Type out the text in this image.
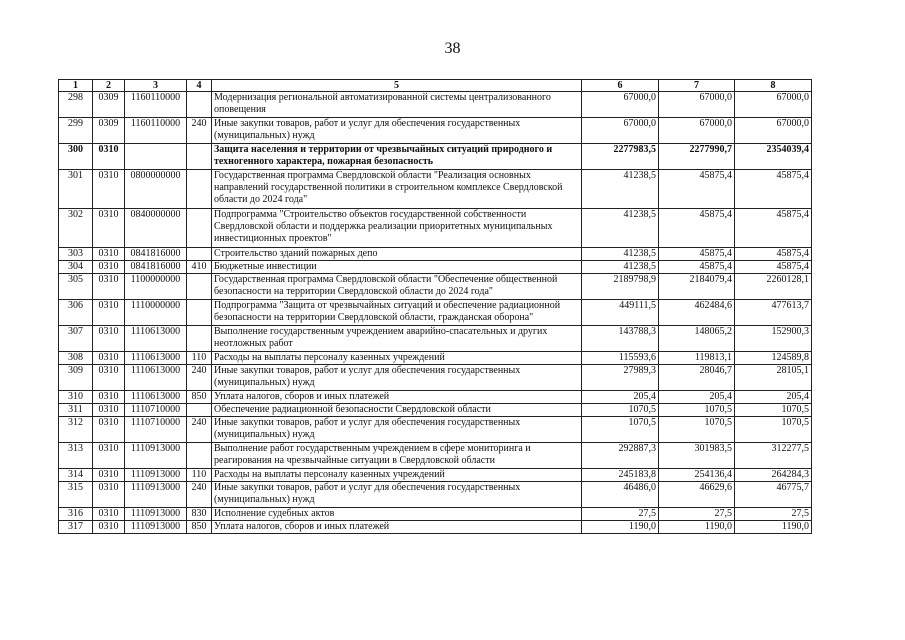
38
1	2	3	4	5	6	7	8
298	0309	1160110000		Модернизация региональной автоматизированной системы централизованного оповещения	67000,0	67000,0	67000,0
299	0309	1160110000	240	Иные закупки товаров, работ и услуг для обеспечения государственных (муниципальных) нужд	67000,0	67000,0	67000,0
300	0310			Защита населения и территории от чрезвычайных ситуаций природного и техногенного характера, пожарная безопасность	2277983,5	2277990,7	2354039,4
301	0310	0800000000		Государственная программа Свердловской области "Реализация основных направлений государственной политики в строительном комплексе Свердловской области до 2024 года"	41238,5	45875,4	45875,4
302	0310	0840000000		Подпрограмма "Строительство объектов государственной собственности Свердловской области и поддержка реализации приоритетных муниципальных инвестиционных проектов"	41238,5	45875,4	45875,4
303	0310	0841816000		Строительство зданий пожарных депо	41238,5	45875,4	45875,4
304	0310	0841816000	410	Бюджетные инвестиции	41238,5	45875,4	45875,4
305	0310	1100000000		Государственная программа Свердловской области "Обеспечение общественной безопасности на территории Свердловской области до 2024 года"	2189798,9	2184079,4	2260128,1
306	0310	1110000000		Подпрограмма "Защита от чрезвычайных ситуаций и обеспечение радиационной безопасности на территории Свердловской области, гражданская оборона"	449111,5	462484,6	477613,7
307	0310	1110613000		Выполнение государственным учреждением аварийно-спасательных и других неотложных работ	143788,3	148065,2	152900,3
308	0310	1110613000	110	Расходы на выплаты персоналу казенных учреждений	115593,6	119813,1	124589,8
309	0310	1110613000	240	Иные закупки товаров, работ и услуг для обеспечения государственных (муниципальных) нужд	27989,3	28046,7	28105,1
310	0310	1110613000	850	Уплата налогов, сборов и иных платежей	205,4	205,4	205,4
311	0310	1110710000		Обеспечение радиационной безопасности Свердловской области	1070,5	1070,5	1070,5
312	0310	1110710000	240	Иные закупки товаров, работ и услуг для обеспечения государственных (муниципальных) нужд	1070,5	1070,5	1070,5
313	0310	1110913000		Выполнение работ государственным учреждением в сфере мониторинга и реагирования на чрезвычайные ситуации в Свердловской области	292887,3	301983,5	312277,5
314	0310	1110913000	110	Расходы на выплаты персоналу казенных учреждений	245183,8	254136,4	264284,3
315	0310	1110913000	240	Иные закупки товаров, работ и услуг для обеспечения государственных (муниципальных) нужд	46486,0	46629,6	46775,7
316	0310	1110913000	830	Исполнение судебных актов	27,5	27,5	27,5
317	0310	1110913000	850	Уплата налогов, сборов и иных платежей	1190,0	1190,0	1190,0
